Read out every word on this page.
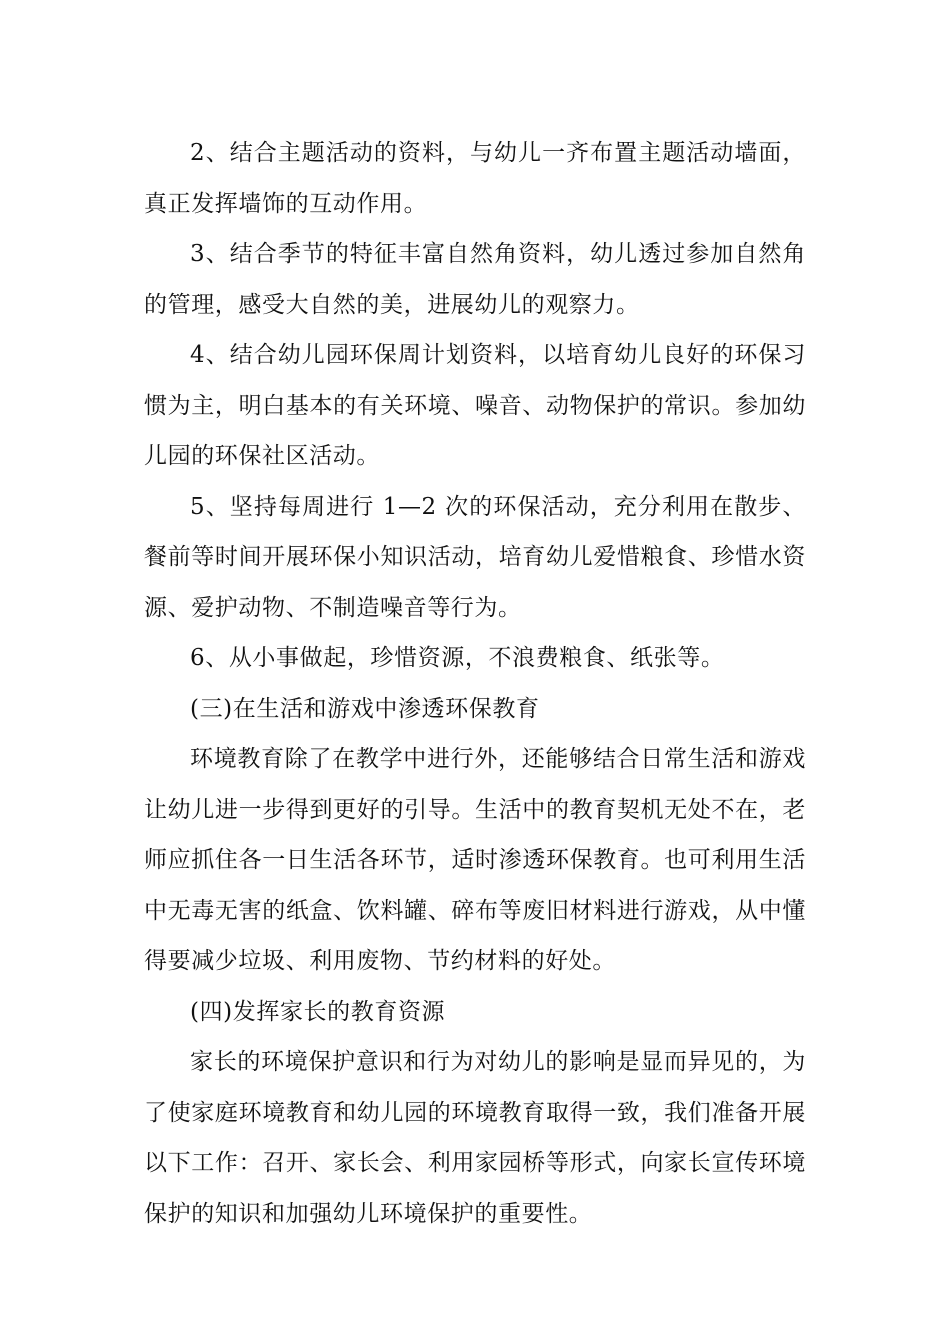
2、结合主题活动的资料，与幼儿一齐布置主题活动墙面，真正发挥墙饰的互动作用。

3、结合季节的特征丰富自然角资料，幼儿透过参加自然角的管理，感受大自然的美，进展幼儿的观察力。

4、结合幼儿园环保周计划资料，以培育幼儿良好的环保习惯为主，明白基本的有关环境、噪音、动物保护的常识。参加幼儿园的环保社区活动。

5、坚持每周进行 1—2 次的环保活动，充分利用在散步、餐前等时间开展环保小知识活动，培育幼儿爱惜粮食、珍惜水资源、爱护动物、不制造噪音等行为。

6、从小事做起，珍惜资源，不浪费粮食、纸张等。

(三)在生活和游戏中渗透环保教育

环境教育除了在教学中进行外，还能够结合日常生活和游戏让幼儿进一步得到更好的引导。生活中的教育契机无处不在，老师应抓住各一日生活各环节，适时渗透环保教育。也可利用生活中无毒无害的纸盒、饮料罐、碎布等废旧材料进行游戏，从中懂得要减少垃圾、利用废物、节约材料的好处。

(四)发挥家长的教育资源

家长的环境保护意识和行为对幼儿的影响是显而异见的，为了使家庭环境教育和幼儿园的环境教育取得一致，我们准备开展以下工作：召开、家长会、利用家园桥等形式，向家长宣传环境保护的知识和加强幼儿环境保护的重要性。
